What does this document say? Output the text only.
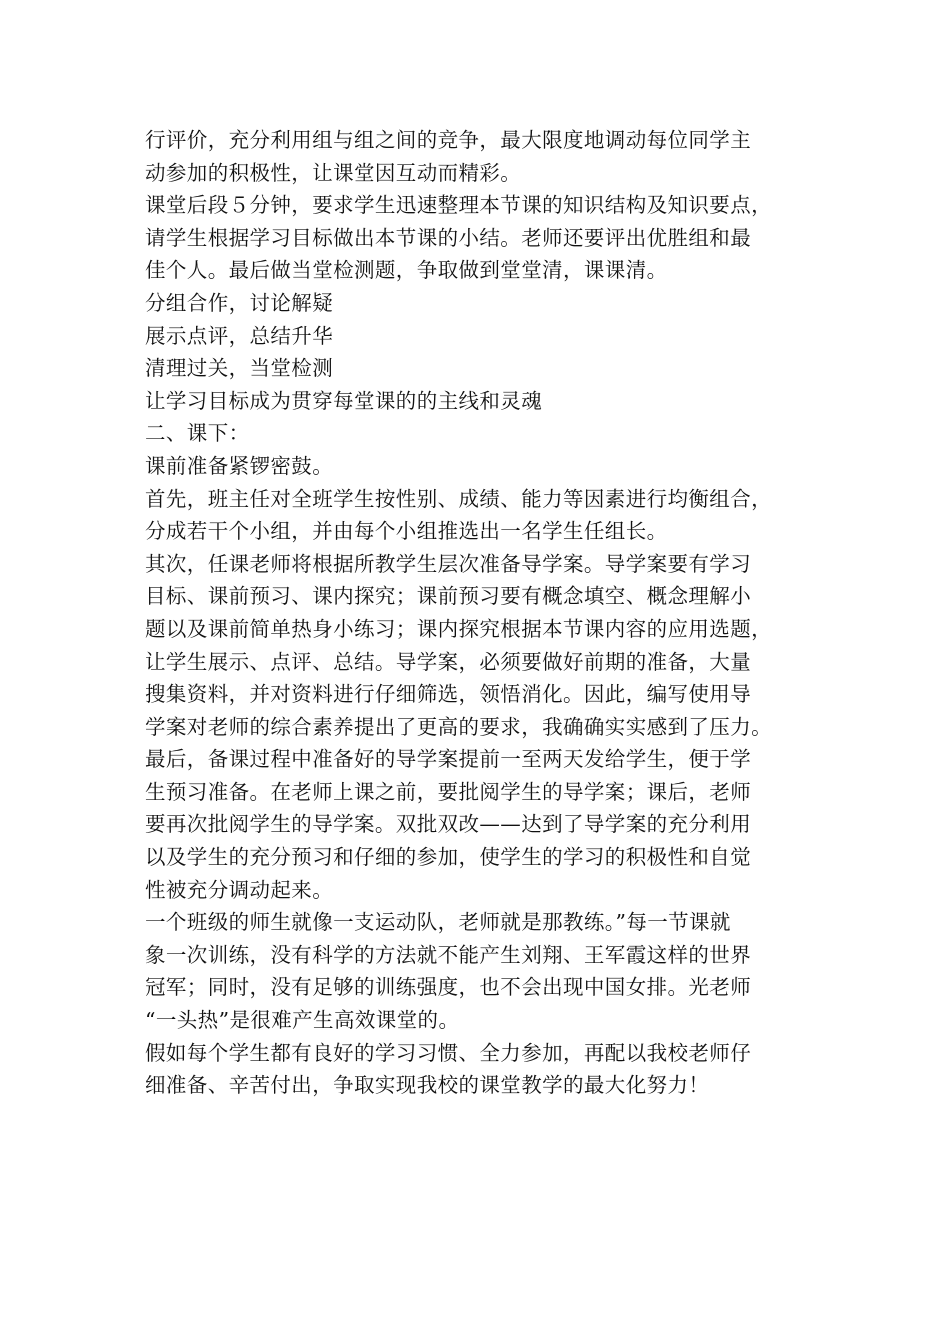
行评价，充分利用组与组之间的竞争，最大限度地调动每位同学主
动参加的积极性，让课堂因互动而精彩。
课堂后段５分钟，要求学生迅速整理本节课的知识结构及知识要点，
请学生根据学习目标做出本节课的小结。老师还要评出优胜组和最
佳个人。最后做当堂检测题，争取做到堂堂清，课课清。
分组合作，讨论解疑
展示点评，总结升华
清理过关，当堂检测
让学习目标成为贯穿每堂课的的主线和灵魂
二、课下：
课前准备紧锣密鼓。
首先，班主任对全班学生按性别、成绩、能力等因素进行均衡组合，
分成若干个小组，并由每个小组推选出一名学生任组长。
其次，任课老师将根据所教学生层次准备导学案。导学案要有学习
目标、课前预习、课内探究；课前预习要有概念填空、概念理解小
题以及课前简单热身小练习；课内探究根据本节课内容的应用选题，
让学生展示、点评、总结。导学案，必须要做好前期的准备，大量
搜集资料，并对资料进行仔细筛选，领悟消化。因此，编写使用导
学案对老师的综合素养提出了更高的要求，我确确实实感到了压力。
最后，备课过程中准备好的导学案提前一至两天发给学生，便于学
生预习准备。在老师上课之前，要批阅学生的导学案；课后，老师
要再次批阅学生的导学案。双批双改——达到了导学案的充分利用
以及学生的充分预习和仔细的参加，使学生的学习的积极性和自觉
性被充分调动起来。
一个班级的师生就像一支运动队，老师就是那教练。”每一节课就
象一次训练，没有科学的方法就不能产生刘翔、王军霞这样的世界
冠军；同时，没有足够的训练强度，也不会出现中国女排。光老师
“一头热”是很难产生高效课堂的。
假如每个学生都有良好的学习习惯、全力参加，再配以我校老师仔
细准备、辛苦付出，争取实现我校的课堂教学的最大化努力！
